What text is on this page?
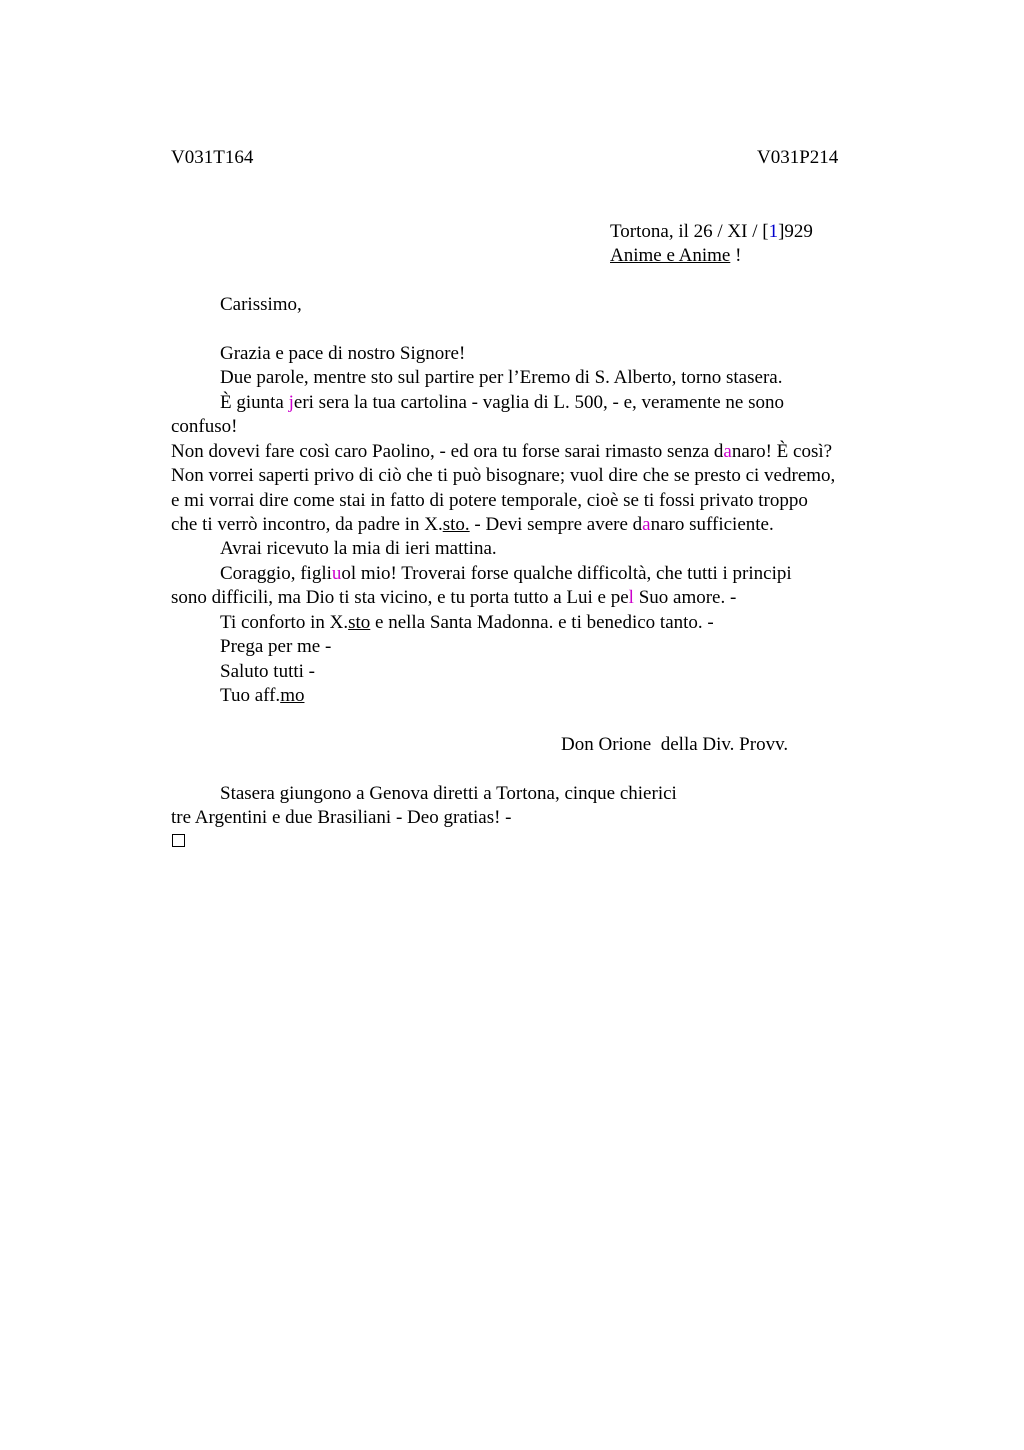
V031T164	V031P214
Tortona, il 26 / XI / [1]929
Anime e Anime !
Carissimo,
Grazia e pace di nostro Signore!
Due parole, mentre sto sul partire per l’Eremo di S. Alberto, torno stasera.
È giunta jeri sera la tua cartolina - vaglia di L. 500, - e, veramente ne sono
confuso!
Non dovevi fare così caro Paolino, - ed ora tu forse sarai rimasto senza danaro! È così?
Non vorrei saperti privo di ciò che ti può bisognare; vuol dire che se presto ci vedremo,
e mi vorrai dire come stai in fatto di potere temporale, cioè se ti fossi privato troppo
che ti verrò incontro, da padre in X.sto. - Devi sempre avere danaro sufficiente.
Avrai ricevuto la mia di ieri mattina.
Coraggio, figliuol mio! Troverai forse qualche difficoltà, che tutti i principi
sono difficili, ma Dio ti sta vicino, e tu porta tutto a Lui e pel Suo amore. -
Ti conforto in X.sto e nella Santa Madonna. e ti benedico tanto. -
Prega per me -
Saluto tutti -
Tuo aff.mo
Don Orione  della Div. Provv.
Stasera giungono a Genova diretti a Tortona, cinque chierici
tre Argentini e due Brasiliani - Deo gratias! -
